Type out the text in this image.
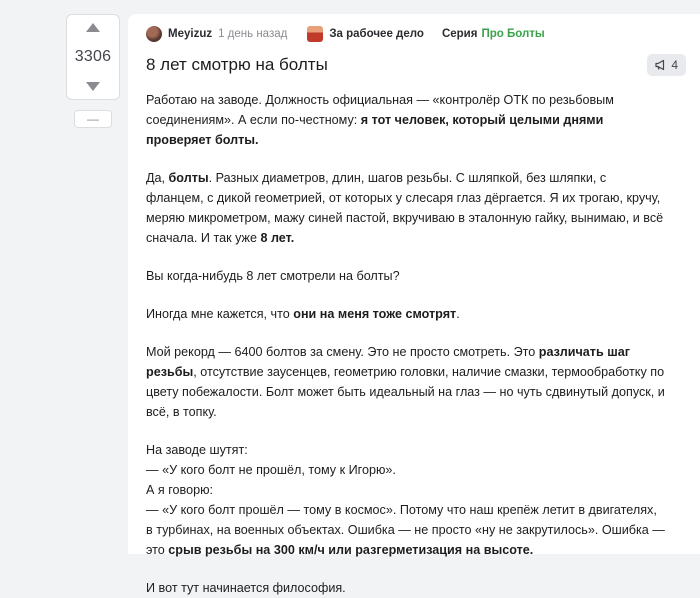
3306
—
Meyizuz 1 день назад	За рабочее дело Серия Про Болты
8 лет смотрю на болты	4

Работаю на заводе. Должность официальная — «контролёр ОТК по резьбовым соединениям». А если по-честному: я тот человек, который целыми днями проверяет болты.

Да, болты. Разных диаметров, длин, шагов резьбы. С шляпкой, без шляпки, с фланцем, с дикой геометрией, от которых у слесаря глаз дёргается. Я их трогаю, кручу, меряю микрометром, мажу синей пастой, вкручиваю в эталонную гайку, вынимаю, и всё сначала. И так уже 8 лет.

Вы когда-нибудь 8 лет смотрели на болты?

Иногда мне кажется, что они на меня тоже смотрят.

Мой рекорд — 6400 болтов за смену. Это не просто смотреть. Это различать шаг резьбы, отсутствие заусенцев, геометрию головки, наличие смазки, термообработку по цвету побежалости. Болт может быть идеальный на глаз — но чуть сдвинутый допуск, и всё, в топку.

На заводе шутят:
— «У кого болт не прошёл, тому к Игорю».
А я говорю:
— «У кого болт прошёл — тому в космос». Потому что наш крепёж летит в двигателях, в турбинах, на военных объектах. Ошибка — не просто «ну не закрутилось». Ошибка — это срыв резьбы на 300 км/ч или разгерметизация на высоте.

И вот тут начинается философия.
